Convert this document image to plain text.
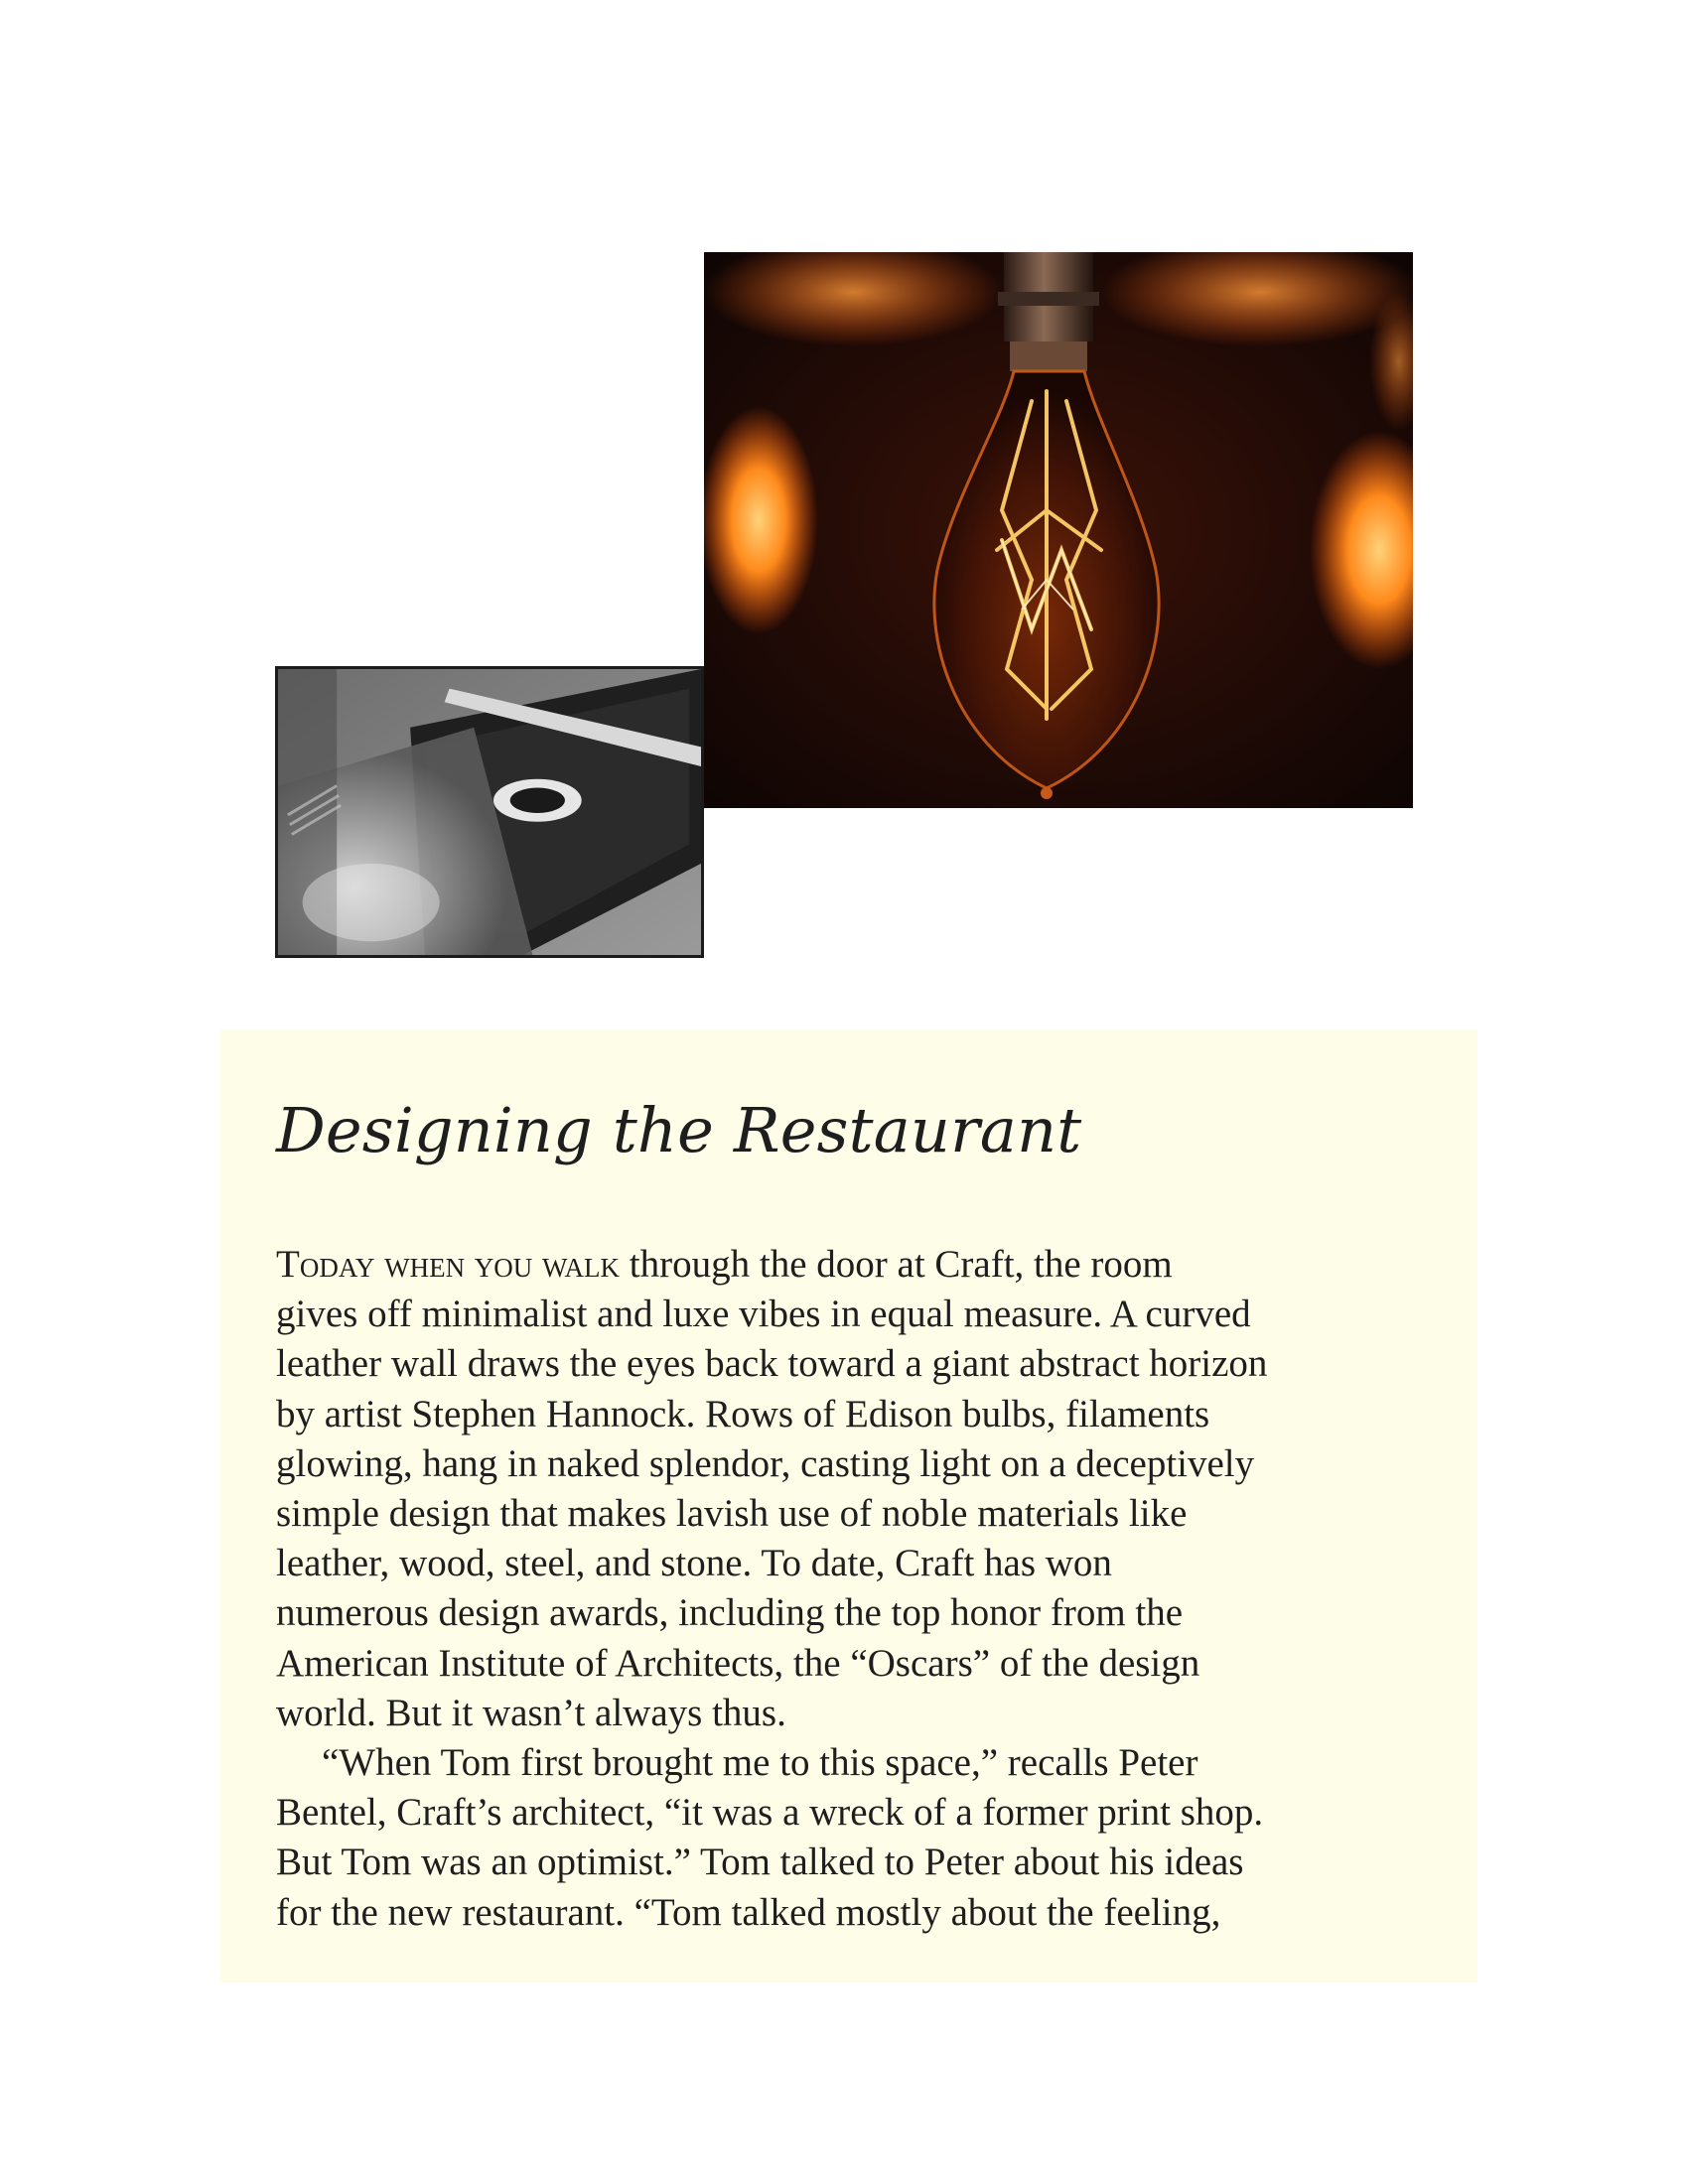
Designing the Restaurant
Today when you walk through the door at Craft, the room
gives off minimalist and luxe vibes in equal measure. A curved
leather wall draws the eyes back toward a giant abstract horizon
by artist Stephen Hannock. Rows of Edison bulbs, filaments
glowing, hang in naked splendor, casting light on a deceptively
simple design that makes lavish use of noble materials like
leather, wood, steel, and stone. To date, Craft has won
numerous design awards, including the top honor from the
American Institute of Architects, the “Oscars” of the design
world. But it wasn’t always thus.
“When Tom first brought me to this space,” recalls Peter
Bentel, Craft’s architect, “it was a wreck of a former print shop.
But Tom was an optimist.” Tom talked to Peter about his ideas
for the new restaurant. “Tom talked mostly about the feeling,
